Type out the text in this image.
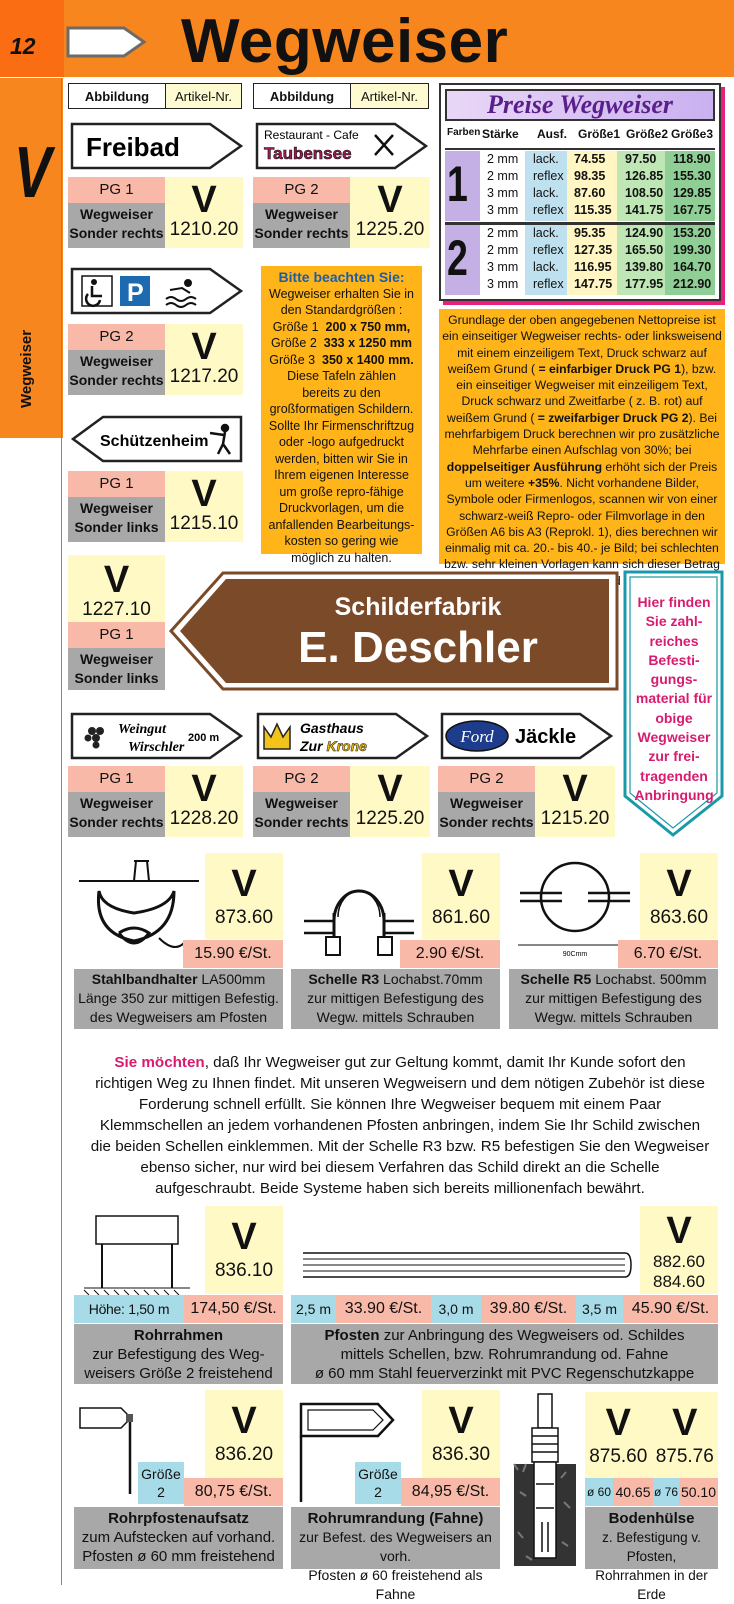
12 Wegweiser
V
Wegweiser
Abbildung	Artikel-Nr.	Abbildung	Artikel-Nr.
Freibad	Restaurant - Cafe
Taubensee
PG 1
Wegweiser
Sonder rechts
V
1210.20
PG 2
Wegweiser
Sonder rechts
V
1225.20
P
PG 2
Wegweiser
Sonder rechts
V
1217.20
Schützenheim
PG 1
Wegweiser
Sonder links
V
1215.10
Bitte beachten Sie:
Wegweiser erhalten Sie in
den Standardgrößen :
Größe 1 200 x 750 mm,
Größe 2 333 x 1250 mm
Größe 3 350 x 1400 mm.
Diese Tafeln zählen bereits zu den großformatigen Schildern. Sollte Ihr Firmenschriftzug oder -logo aufgedruckt werden, bitten wir Sie in Ihrem eigenen Interesse um große repro-fähige Druckvorlagen, um die anfallenden Bearbeitungs-kosten so gering wie möglich zu halten.
Preise Wegweiser
Farben Stärke Ausf. Größe1 Größe2 Größe3
1
2
2 mm lack. 74.55 97.50 118.90
2 mm reflex 98.35 126.85 155.30
3 mm lack. 87.60 108.50 129.85
3 mm reflex 115.35 141.75 167.75
2 mm lack. 95.35 124.90 153.20
2 mm reflex 127.35 165.50 199.30
3 mm lack. 116.95 139.80 164.70
3 mm reflex 147.75 177.95 212.90
Grundlage der oben angegebenen Nettopreise ist ein einseitiger Wegweiser rechts- oder linksweisend mit einem einzeiligem Text, Druck schwarz auf weißem Grund ( = einfarbiger Druck PG 1), bzw. ein einseitiger Wegweiser mit einzeiligem Text, Druck schwarz und Zweitfarbe ( z. B. rot) auf weißem Grund ( = zweifarbiger Druck PG 2). Bei mehrfarbigem Druck berechnen wir pro zusätzliche Mehrfarbe einen Aufschlag von 30%; bei doppelseitiger Ausführung erhöht sich der Preis um weitere +35%. Nicht vorhandene Bilder, Symbole oder Firmenlogos, scannen wir von einer schwarz-weiß Repro- oder Filmvorlage in den Größen A6 bis A3 (Reprokl. 1), dies berechnen wir einmalig mit ca. 20.- bis 40.- je Bild; bei schlechten bzw. sehr kleinen Vorlagen kann sich dieser Betrag
V
1227.10
PG 1
Wegweiser
Sonder links
Schilderfabrik
E. Deschler
Hier finden Sie zahl-reiches Befesti-gungs-material für obige Wegweiser zur frei-tragenden Anbringung
Weingut
Wirschler
200 m
Gasthaus
Zur Krone	Ford Jäckle
PG 1
Wegweiser
Sonder rechts
V
1228.20
PG 2
Wegweiser
Sonder rechts
V
1225.20
PG 2
Wegweiser
Sonder rechts
V
1215.20
V
873.60
15.90 €/St.
Stahlbandhalter LA500mm
Länge 350 zur mittigen Befestig.
des Wegweisers am Pfosten
V
861.60
2.90 €/St.
Schelle R3 Lochabst.70mm
zur mittigen Befestigung des
Wegw. mittels Schrauben
90Cmm
V
863.60
6.70 €/St.
Schelle R5 Lochabst. 500mm
zur mittigen Befestigung des
Wegw. mittels Schrauben
Sie möchten, daß Ihr Wegweiser gut zur Geltung kommt, damit Ihr Kunde sofort den richtigen Weg zu Ihnen findet. Mit unseren Wegweisern und dem nötigen Zubehör ist diese Forderung schnell erfüllt. Sie können Ihre Wegweiser bequem mit einem Paar Klemmschellen an jedem vorhandenen Pfosten anbringen, indem Sie Ihr Schild zwischen die beiden Schellen einklemmen. Mit der Schelle R3 bzw. R5 befestigen Sie den Wegweiser ebenso sicher, nur wird bei diesem Verfahren das Schild direkt an die Schelle aufgeschraubt. Beide Systeme haben sich bereits millionenfach bewährt.
V
836.10
Höhe: 1,50 m	174,50 €/St.
Rohrrahmen
zur Befestigung des Weg-
weisers Größe 2 freistehend
V
882.60
884.60
2,5 m 33.90 €/St.	3,0 m	39.80 €/St.	3,5 m 45.90 €/St.
Pfosten zur Anbringung des Wegweisers od. Schildes
mittels Schellen, bzw. Rohrumrandung od. Fahne
ø 60 mm Stahl feuerverzinkt mit PVC Regenschutzkappe
V
836.20
Größe
2	80,75 €/St.
Rohrpfostenaufsatz
zum Aufstecken auf vorhand.
Pfosten ø 60 mm freistehend
V
836.30
Größe
2	84,95 €/St.
Rohrumrandung (Fahne)
zur Befest. des Wegweisers an vorh.
Pfosten ø 60 freistehend als Fahne
V V
875.60 875.76
ø 60 40.65 ø 76 50.10
Bodenhülse
z. Befestigung v. Pfosten,
Rohrrahmen in der Erde
